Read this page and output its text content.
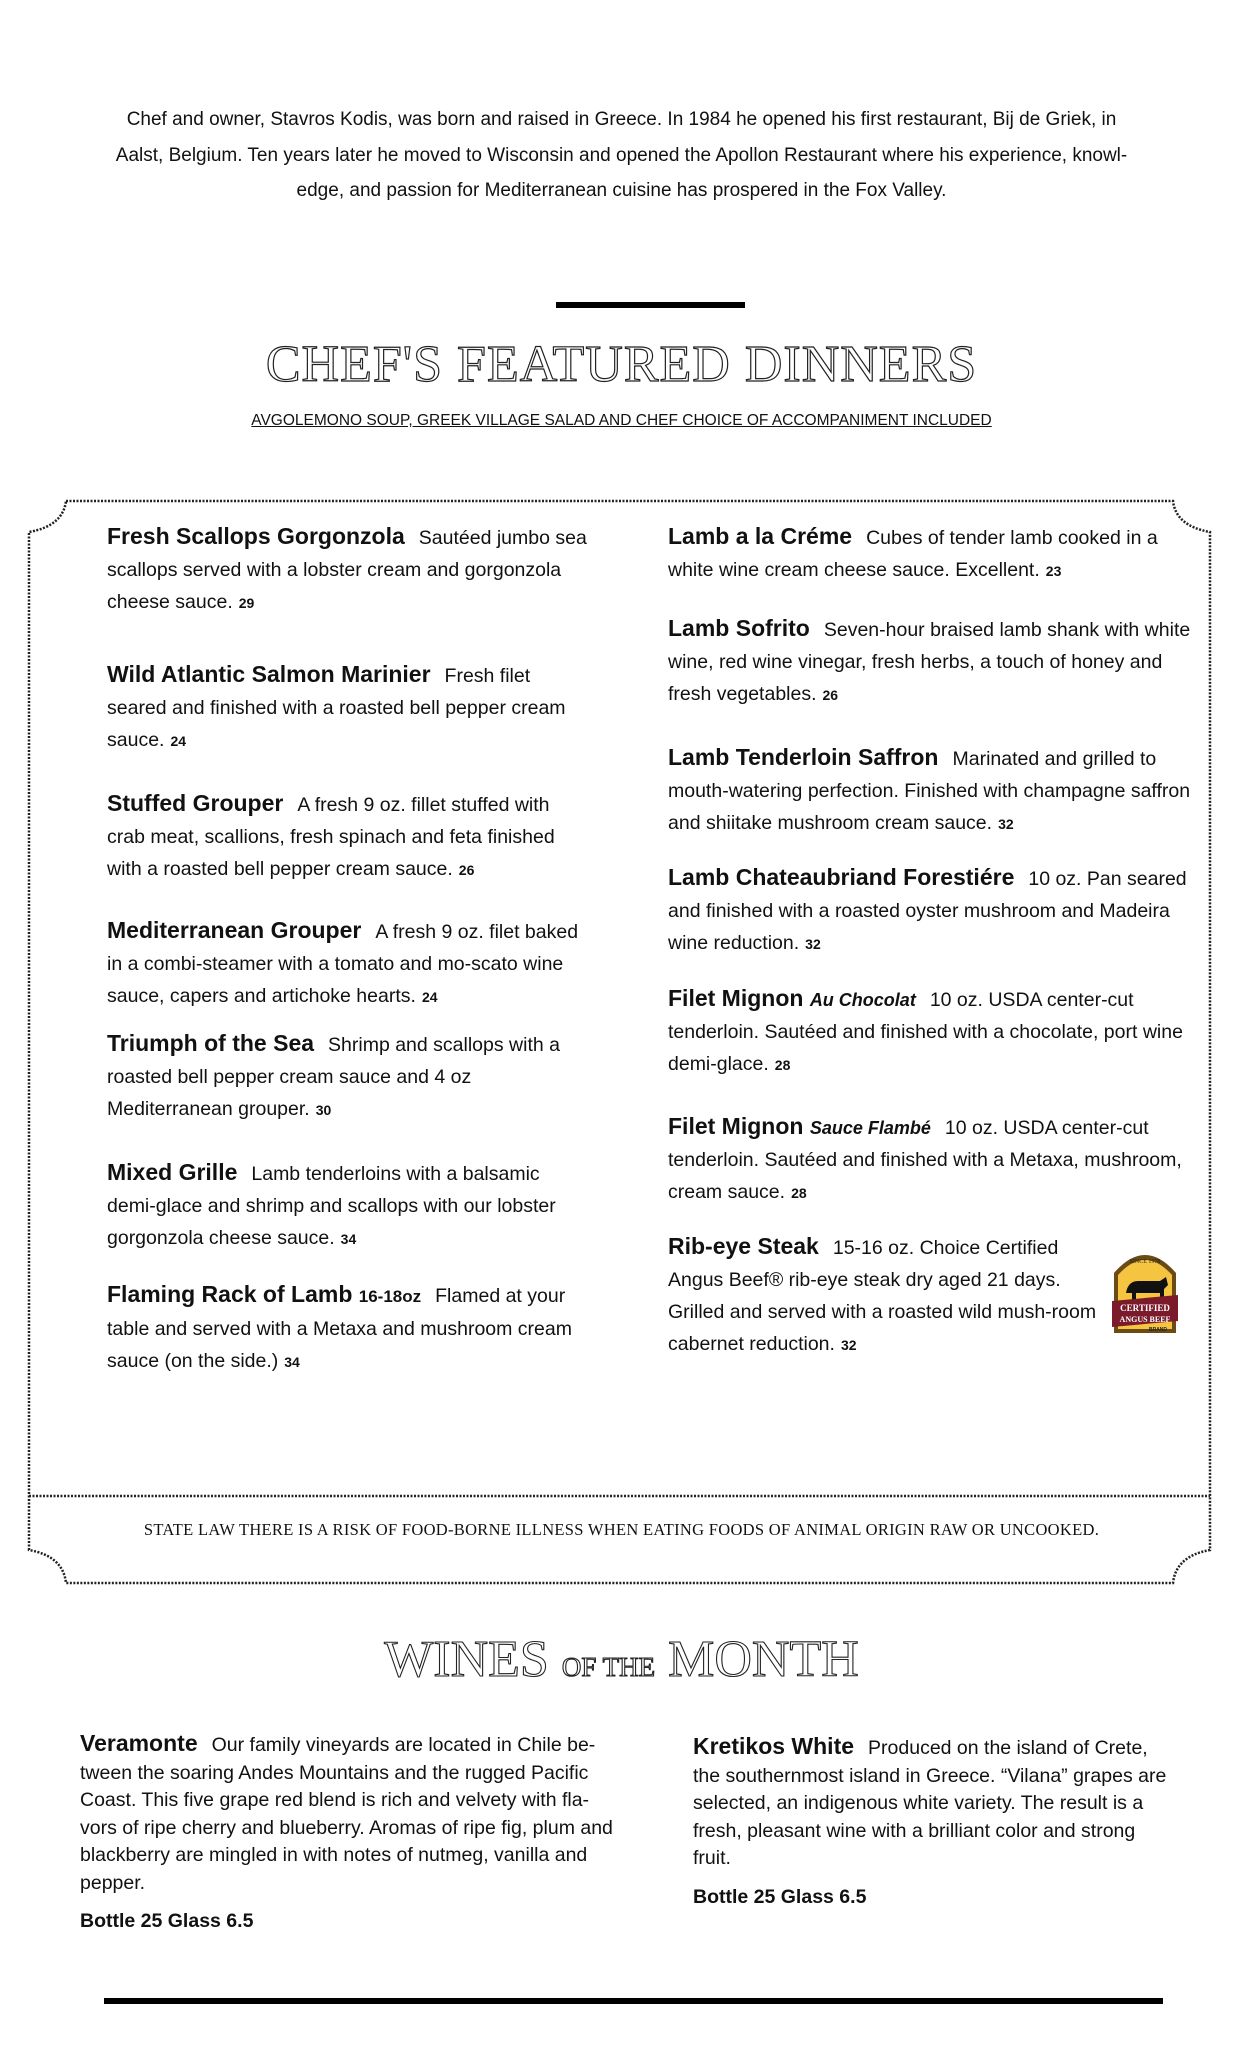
Chef and owner, Stavros Kodis, was born and raised in Greece. In 1984 he opened his first restaurant, Bij de Griek, in
Aalst, Belgium. Ten years later he moved to Wisconsin and opened the Apollon Restaurant where his experience, knowl-
edge, and passion for Mediterranean cuisine has prospered in the Fox Valley.
CHEF'S FEATURED DINNERS
AVGOLEMONO SOUP, GREEK VILLAGE SALAD AND CHEF CHOICE OF ACCOMPANIMENT INCLUDED
Fresh Scallops Gorgonzola Sautéed jumbo sea scallops served with a lobster cream and gorgonzola cheese sauce. 29
Wild Atlantic Salmon Marinier Fresh filet seared and finished with a roasted bell pepper cream sauce. 24
Stuffed Grouper A fresh 9 oz. fillet stuffed with crab meat, scallions, fresh spinach and feta finished with a roasted bell pepper cream sauce. 26
Mediterranean Grouper A fresh 9 oz. filet baked in a combi-steamer with a tomato and mo-scato wine sauce, capers and artichoke hearts. 24
Triumph of the Sea Shrimp and scallops with a roasted bell pepper cream sauce and 4 oz Mediterranean grouper. 30
Mixed Grille Lamb tenderloins with a balsamic demi-glace and shrimp and scallops with our lobster gorgonzola cheese sauce. 34
Flaming Rack of Lamb 16-18oz Flamed at your table and served with a Metaxa and mushroom cream sauce (on the side.) 34
Lamb a la Créme Cubes of tender lamb cooked in a white wine cream cheese sauce. Excellent. 23
Lamb Sofrito Seven-hour braised lamb shank with white wine, red wine vinegar, fresh herbs, a touch of honey and fresh vegetables. 26
Lamb Tenderloin Saffron Marinated and grilled to mouth-watering perfection. Finished with champagne saffron and shiitake mushroom cream sauce. 32
Lamb Chateaubriand Forestiére 10 oz. Pan seared and finished with a roasted oyster mushroom and Madeira wine reduction. 32
Filet Mignon Au Chocolat 10 oz. USDA center-cut tenderloin. Sautéed and finished with a chocolate, port wine demi-glace. 28
Filet Mignon Sauce Flambé 10 oz. USDA center-cut tenderloin. Sautéed and finished with a Metaxa, mushroom, cream sauce. 28
Rib-eye Steak 15-16 oz. Choice Certified Angus Beef® rib-eye steak dry aged 21 days. Grilled and served with a roasted wild mush-room cabernet reduction. 32
STATE LAW THERE IS A RISK OF FOOD-BORNE ILLNESS WHEN EATING FOODS OF ANIMAL ORIGIN RAW OR UNCOOKED.
SINCE 1978
CERTIFIED
ANGUS BEEF
BRAND
WINES OF THE MONTH
Veramonte Our family vineyards are located in Chile be-tween the soaring Andes Mountains and the rugged Pacific Coast. This five grape red blend is rich and velvety with fla-vors of ripe cherry and blueberry. Aromas of ripe fig, plum and blackberry are mingled in with notes of nutmeg, vanilla and pepper.
Bottle 25 Glass 6.5
Kretikos White Produced on the island of Crete, the southernmost island in Greece. “Vilana” grapes are selected, an indigenous white variety. The result is a fresh, pleasant wine with a brilliant color and strong fruit.
Bottle 25 Glass 6.5
